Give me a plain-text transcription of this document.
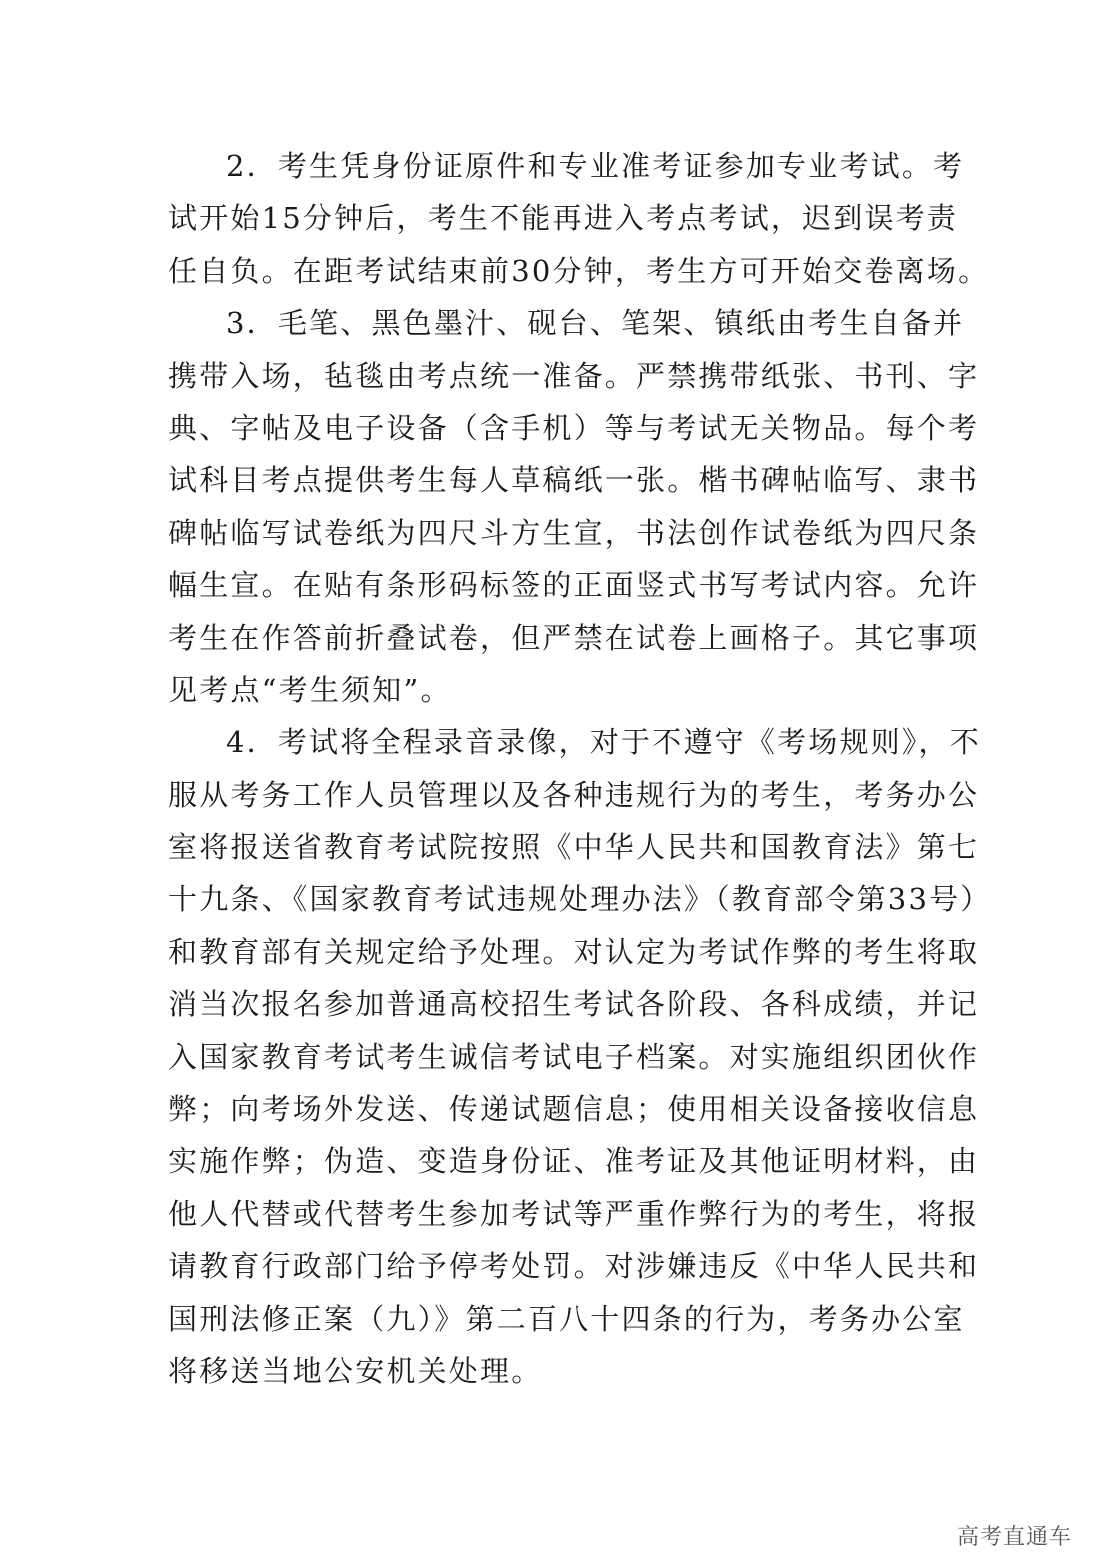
2．考生凭身份证原件和专业准考证参加专业考试。考
试开始15分钟后，考生不能再进入考点考试，迟到误考责
任自负。在距考试结束前30分钟，考生方可开始交卷离场。
3．毛笔、黑色墨汁、砚台、笔架、镇纸由考生自备并
携带入场，毡毯由考点统一准备。严禁携带纸张、书刊、字
典、字帖及电子设备（含手机）等与考试无关物品。每个考
试科目考点提供考生每人草稿纸一张。楷书碑帖临写、隶书
碑帖临写试卷纸为四尺斗方生宣，书法创作试卷纸为四尺条
幅生宣。在贴有条形码标签的正面竖式书写考试内容。允许
考生在作答前折叠试卷，但严禁在试卷上画格子。其它事项
见考点“考生须知”。
4．考试将全程录音录像，对于不遵守《考场规则》，不
服从考务工作人员管理以及各种违规行为的考生，考务办公
室将报送省教育考试院按照《中华人民共和国教育法》第七
十九条、《国家教育考试违规处理办法》（教育部令第33号）
和教育部有关规定给予处理。对认定为考试作弊的考生将取
消当次报名参加普通高校招生考试各阶段、各科成绩，并记
入国家教育考试考生诚信考试电子档案。对实施组织团伙作
弊；向考场外发送、传递试题信息；使用相关设备接收信息
实施作弊；伪造、变造身份证、准考证及其他证明材料，由
他人代替或代替考生参加考试等严重作弊行为的考生，将报
请教育行政部门给予停考处罚。对涉嫌违反《中华人民共和
国刑法修正案（九）》第二百八十四条的行为，考务办公室
将移送当地公安机关处理。
高考直通车
